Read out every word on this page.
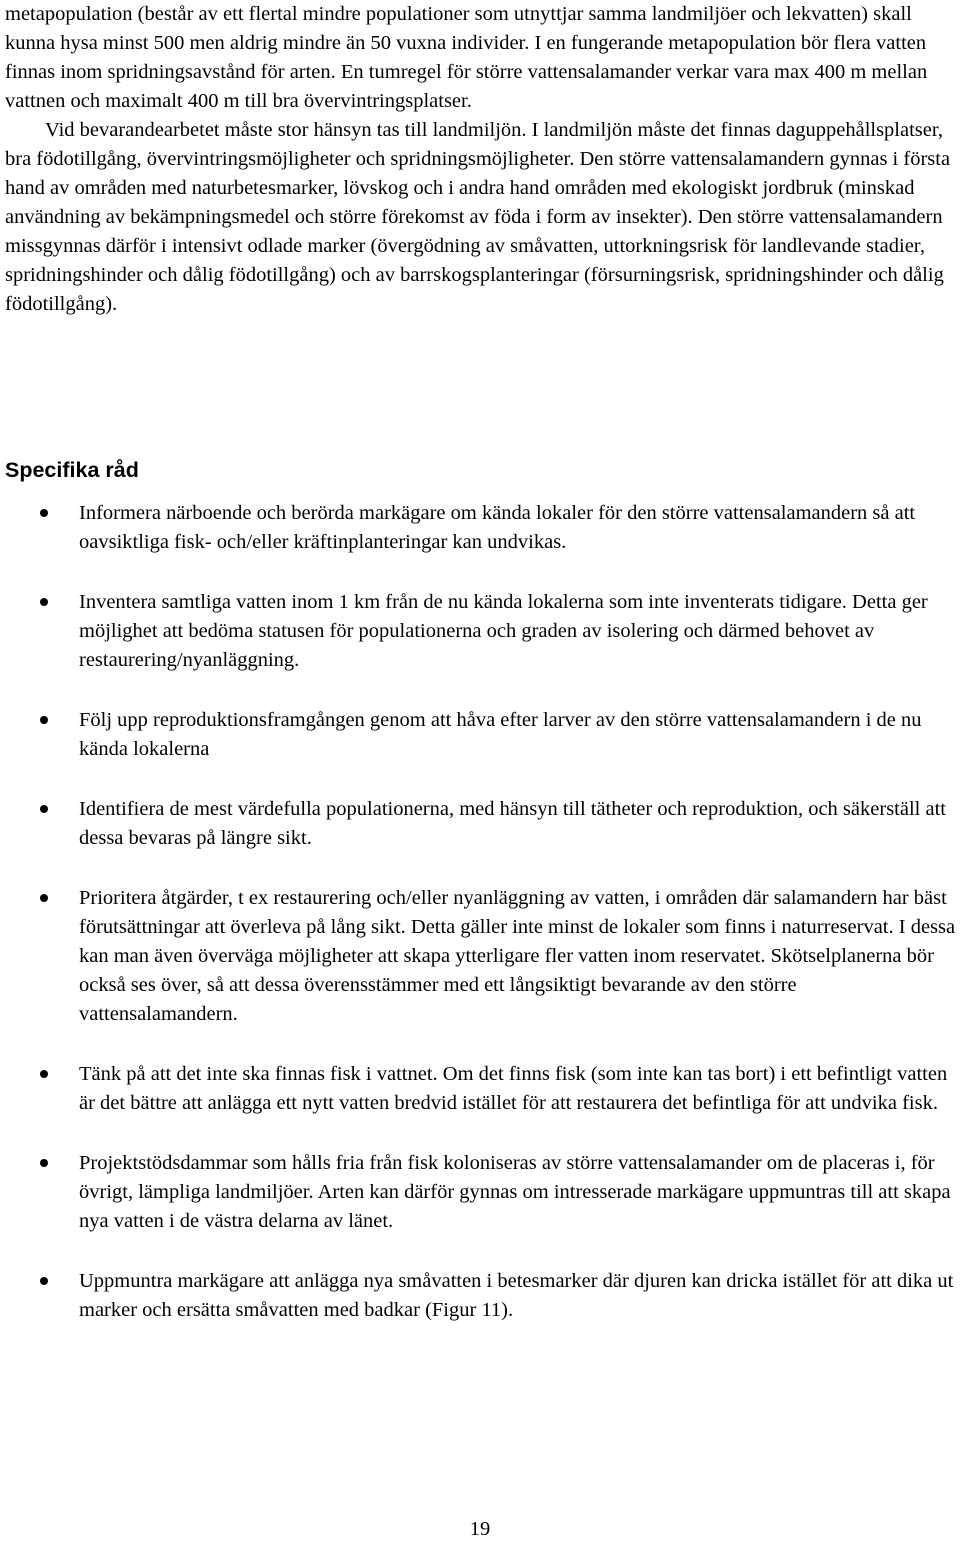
metapopulation (består av ett flertal mindre populationer som utnyttjar samma landmiljöer och lekvatten) skall kunna hysa minst 500 men aldrig mindre än 50 vuxna individer. I en fungerande metapopulation bör flera vatten finnas inom spridningsavstånd för arten. En tumregel för större vattensalamander verkar vara max 400 m mellan vattnen och maximalt 400 m till bra övervintringsplatser.

Vid bevarandearbetet måste stor hänsyn tas till landmiljön. I landmiljön måste det finnas daguppehållsplatser, bra födotillgång, övervintringsmöjligheter och spridningsmöjligheter. Den större vattensalamandern gynnas i första hand av områden med naturbetesmarker, lövskog och i andra hand områden med ekologiskt jordbruk (minskad användning av bekämpningsmedel och större förekomst av föda i form av insekter). Den större vattensalamandern missgynnas därför i intensivt odlade marker (övergödning av småvatten, uttorkningsrisk för landlevande stadier, spridningshinder och dålig födotillgång) och av barrskogsplanteringar (försurningsrisk, spridningshinder och dålig födotillgång).

Specifika råd
Informera närboende och berörda markägare om kända lokaler för den större vattensalamandern så att oavsiktliga fisk- och/eller kräftinplanteringar kan undvikas.
Inventera samtliga vatten inom 1 km från de nu kända lokalerna som inte inventerats tidigare. Detta ger möjlighet att bedöma statusen för populationerna och graden av isolering och därmed behovet av restaurering/nyanläggning.
Följ upp reproduktionsframgången genom att håva efter larver av den större vattensalamandern i de nu kända lokalerna
Identifiera de mest värdefulla populationerna, med hänsyn till tätheter och reproduktion, och säkerställ att dessa bevaras på längre sikt.
Prioritera åtgärder, t ex restaurering och/eller nyanläggning av vatten, i områden där salamandern har bäst förutsättningar att överleva på lång sikt. Detta gäller inte minst de lokaler som finns i naturreservat. I dessa kan man även överväga möjligheter att skapa ytterligare fler vatten inom reservatet. Skötselplanerna bör också ses över, så att dessa överensstämmer med ett långsiktigt bevarande av den större vattensalamandern.
Tänk på att det inte ska finnas fisk i vattnet. Om det finns fisk (som inte kan tas bort) i ett befintligt vatten är det bättre att anlägga ett nytt vatten bredvid istället för att restaurera det befintliga för att undvika fisk.
Projektstödsdammar som hålls fria från fisk koloniseras av större vattensalamander om de placeras i, för övrigt, lämpliga landmiljöer. Arten kan därför gynnas om intresserade markägare uppmuntras till att skapa nya vatten i de västra delarna av länet.
Uppmuntra markägare att anlägga nya småvatten i betesmarker där djuren kan dricka istället för att dika ut marker och ersätta småvatten med badkar (Figur 11).

19
